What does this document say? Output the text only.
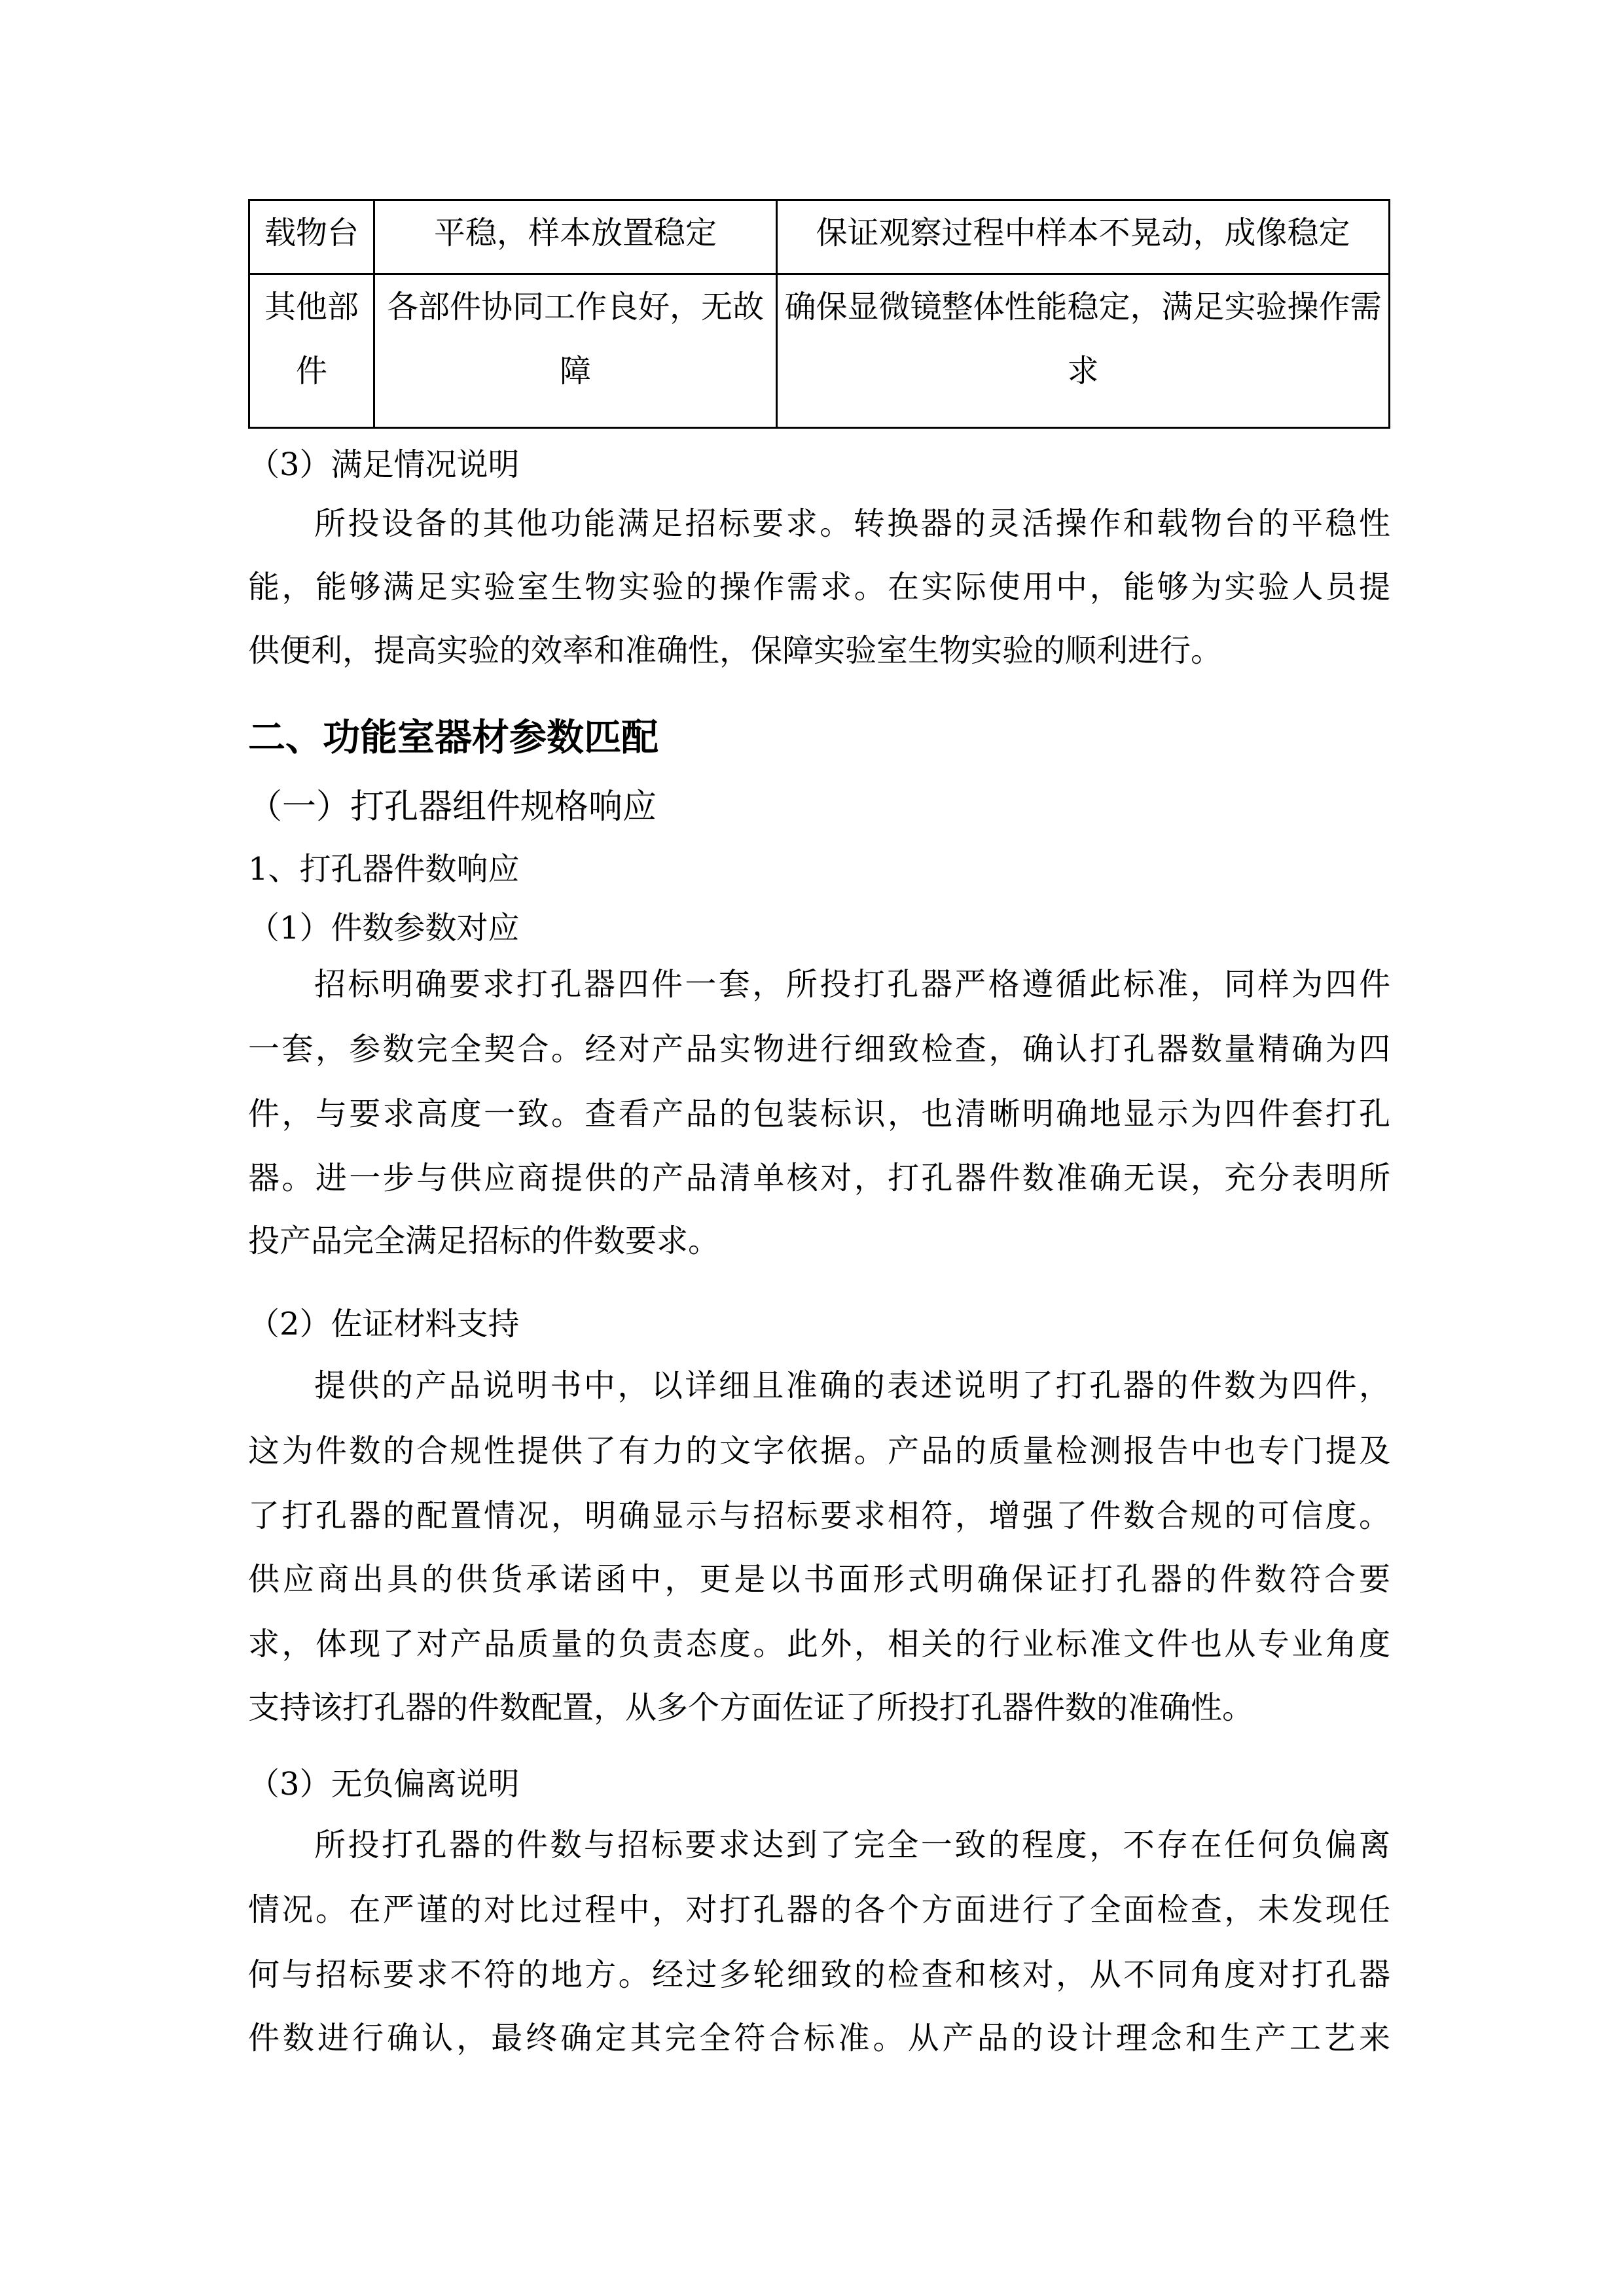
载物台	平稳，样本放置稳定	保证观察过程中样本不晃动，成像稳定
其他部件	各部件协同工作良好，无故障	确保显微镜整体性能稳定，满足实验操作需求
（3）满足情况说明
所投设备的其他功能满足招标要求。转换器的灵活操作和载物台的平稳性
能，能够满足实验室生物实验的操作需求。在实际使用中，能够为实验人员提
供便利，提高实验的效率和准确性，保障实验室生物实验的顺利进行。
二、功能室器材参数匹配
（一）打孔器组件规格响应
1、打孔器件数响应
（1）件数参数对应
招标明确要求打孔器四件一套，所投打孔器严格遵循此标准，同样为四件
一套，参数完全契合。经对产品实物进行细致检查，确认打孔器数量精确为四
件，与要求高度一致。查看产品的包装标识，也清晰明确地显示为四件套打孔
器。进一步与供应商提供的产品清单核对，打孔器件数准确无误，充分表明所
投产品完全满足招标的件数要求。
（2）佐证材料支持
提供的产品说明书中，以详细且准确的表述说明了打孔器的件数为四件，
这为件数的合规性提供了有力的文字依据。产品的质量检测报告中也专门提及
了打孔器的配置情况，明确显示与招标要求相符，增强了件数合规的可信度。
供应商出具的供货承诺函中，更是以书面形式明确保证打孔器的件数符合要
求，体现了对产品质量的负责态度。此外，相关的行业标准文件也从专业角度
支持该打孔器的件数配置，从多个方面佐证了所投打孔器件数的准确性。
（3）无负偏离说明
所投打孔器的件数与招标要求达到了完全一致的程度，不存在任何负偏离
情况。在严谨的对比过程中，对打孔器的各个方面进行了全面检查，未发现任
何与招标要求不符的地方。经过多轮细致的检查和核对，从不同角度对打孔器
件数进行确认，最终确定其完全符合标准。从产品的设计理念和生产工艺来
